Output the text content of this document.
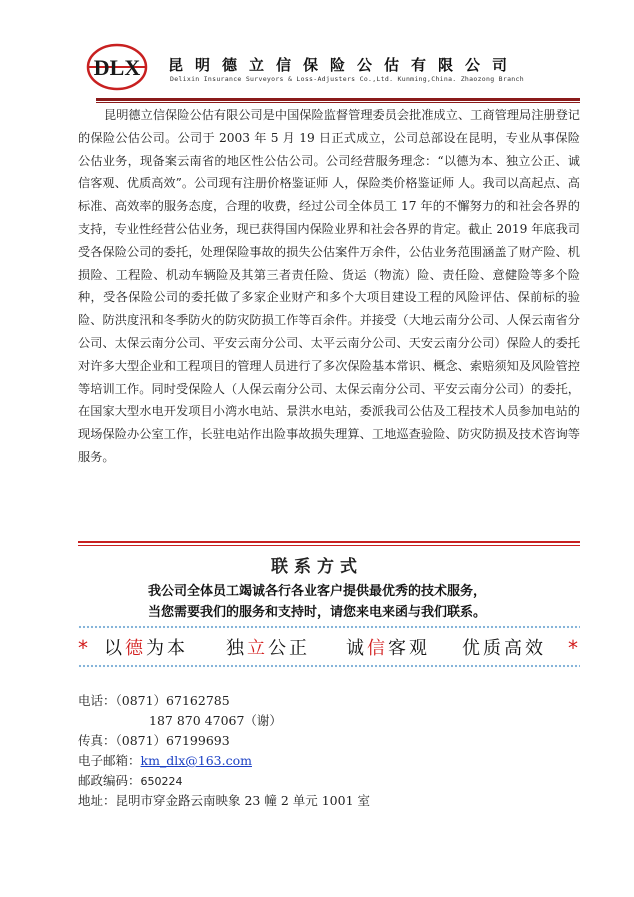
DLX 昆明德立信保险公估有限公司
Delixin Insurance Surveyors & Loss-Adjusters Co.,Ltd. Kunming,China. Zhaozong Branch

昆明德立信保险公估有限公司是中国保险监督管理委员会批准成立、工商管理局注册登记的保险公估公司。公司于 2003 年 5 月 19 日正式成立，公司总部设在昆明，专业从事保险公估业务，现备案云南省的地区性公估公司。公司经营服务理念：“以德为本、独立公正、诚信客观、优质高效”。公司现有注册价格鉴证师 人，保险类价格鉴证师 人。我司以高起点、高标准、高效率的服务态度，合理的收费，经过公司全体员工 17 年的不懈努力的和社会各界的支持，专业性经营公估业务，现已获得国内保险业界和社会各界的肯定。截止 2019 年底我司受各保险公司的委托，处理保险事故的损失公估案件万余件，公估业务范围涵盖了财产险、机损险、工程险、机动车辆险及其第三者责任险、货运（物流）险、责任险、意健险等多个险种，受各保险公司的委托做了多家企业财产和多个大项目建设工程的风险评估、保前标的验险、防洪度汛和冬季防火的防灾防损工作等百余件。并接受（大地云南分公司、人保云南省分公司、太保云南分公司、平安云南分公司、太平云南分公司、天安云南分公司）保险人的委托对许多大型企业和工程项目的管理人员进行了多次保险基本常识、概念、索赔须知及风险管控等培训工作。同时受保险人（人保云南分公司、太保云南分公司、平安云南分公司）的委托，在国家大型水电开发项目小湾水电站、景洪水电站，委派我司公估及工程技术人员参加电站的现场保险办公室工作，长驻电站作出险事故损失理算、工地巡查验险、防灾防损及技术咨询等服务。

联系方式
我公司全体员工竭诚各行各业客户提供最优秀的技术服务，
当您需要我们的服务和支持时，请您来电来函与我们联系。
* 以德为本 独立公正 诚信客观 优质高效 *
电话：（0871）67162785
187 870 47067（谢）
传真：（0871）67199693
电子邮箱：km_dlx@163.com
邮政编码：650224
地址：昆明市穿金路云南映象 23 幢 2 单元 1001 室
